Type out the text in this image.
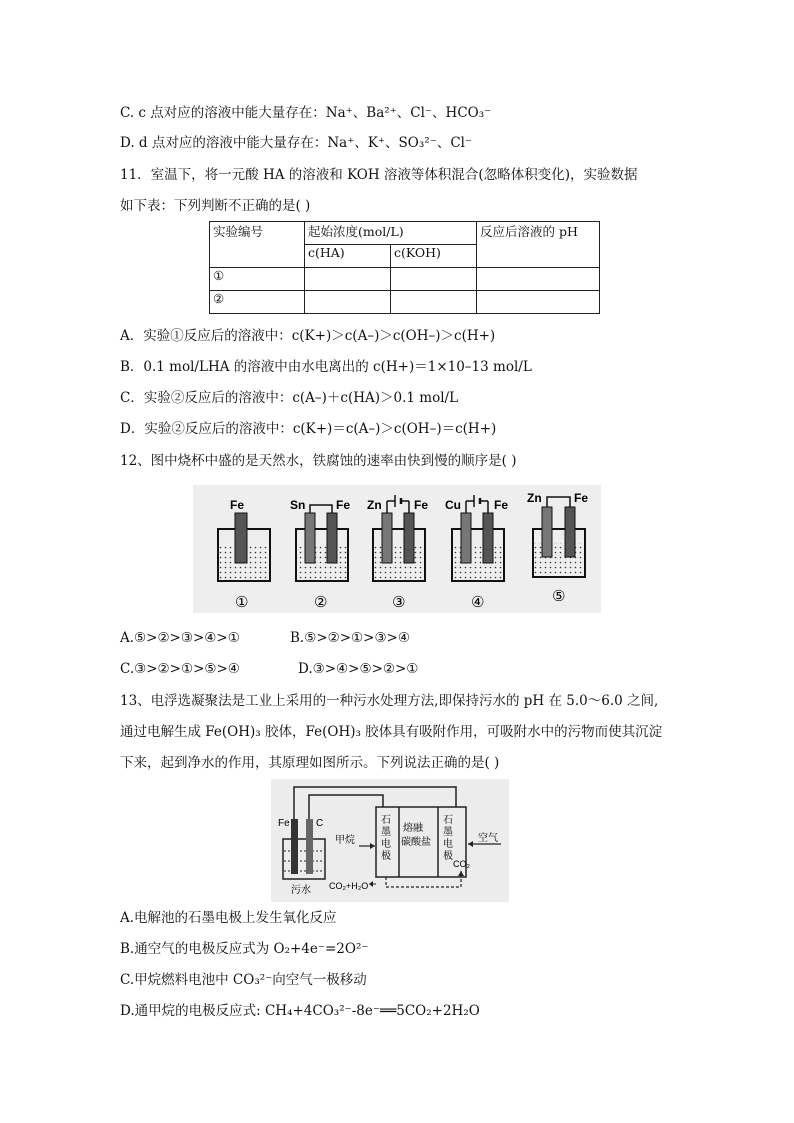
C. c 点对应的溶液中能大量存在：Na⁺、Ba²⁺、Cl⁻、HCO₃⁻
D. d 点对应的溶液中能大量存在：Na⁺、K⁺、SO₃²⁻、Cl⁻
11．室温下，将一元酸 HA 的溶液和 KOH 溶液等体积混合(忽略体积变化)，实验数据
如下表：下列判断不正确的是( )
实验编号	起始浓度(mol/L)		反应后溶液的 pH
	c(HA)	c(KOH)	
①			
②			
A．实验①反应后的溶液中：c(K+)＞c(A–)＞c(OH–)＞c(H+)
B．0.1 mol/LHA 的溶液中由水电离出的 c(H+)＝1×10–13 mol/L
C．实验②反应后的溶液中：c(A–)＋c(HA)＞0.1 mol/L
D．实验②反应后的溶液中：c(K+)＝c(A–)＞c(OH–)＝c(H+)
12、图中烧杯中盛的是天然水，铁腐蚀的速率由快到慢的顺序是( )
Fe
①
Sn	Fe
②
Zn	Fe
③
Cu	Fe
④
Zn	Fe
⑤
A.⑤>②>③>④>①	B.⑤>②>①>③>④
C.③>②>①>⑤>④	D.③>④>⑤>②>①
13、电浮选凝聚法是工业上采用的一种污水处理方法,即保持污水的 pH 在 5.0～6.0 之间,
通过电解生成 Fe(OH)₃ 胶体，Fe(OH)₃ 胶体具有吸附作用，可吸附水中的污物而使其沉淀
下来，起到净水的作用，其原理如图所示。下列说法正确的是( )
Fe	C
污水
石墨电极
熔融碳酸盐
石墨电极
甲烷	空气
CO₂
CO₂+H₂O
A.电解池的石墨电极上发生氧化反应
B.通空气的电极反应式为 O₂+4e⁻=2O²⁻
C.甲烷燃料电池中 CO₃²⁻向空气一极移动
D.通甲烷的电极反应式: CH₄+4CO₃²⁻-8e⁻══5CO₂+2H₂O
